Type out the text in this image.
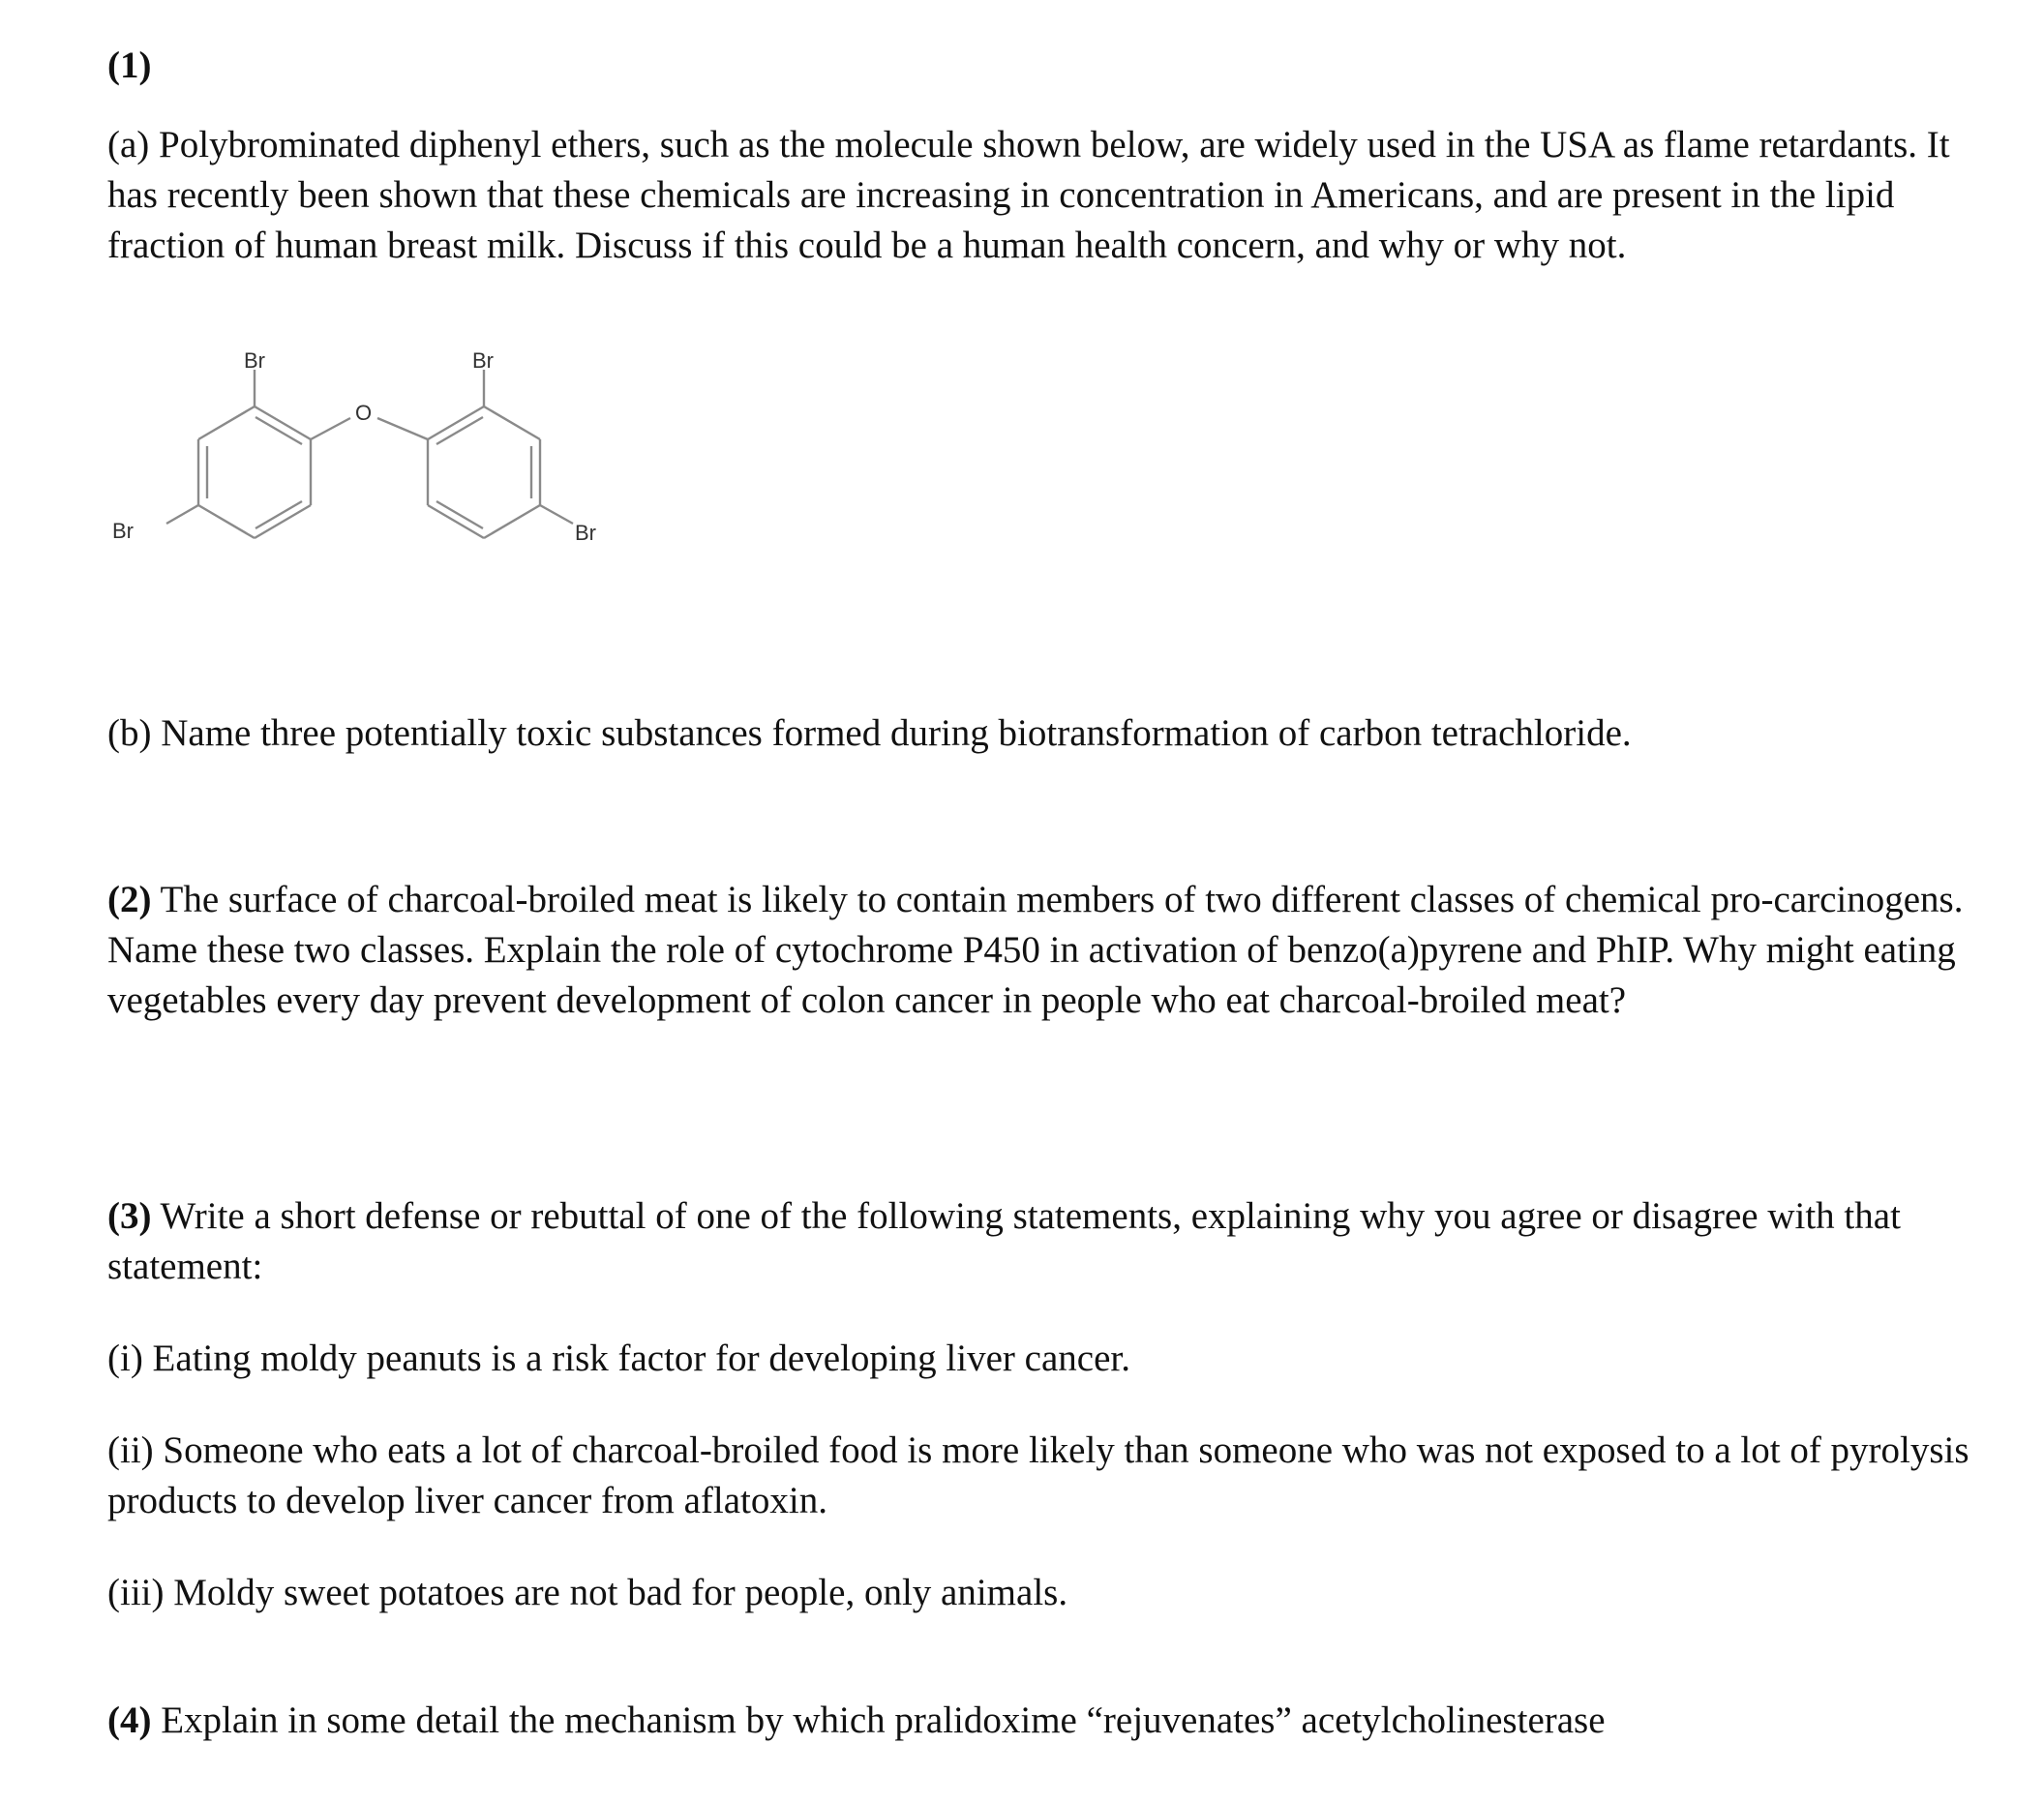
(1)
(a) Polybrominated diphenyl ethers, such as the molecule shown below, are widely used in the USA as flame retardants. It has recently been shown that these chemicals are increasing in concentration in Americans, and are present in the lipid fraction of human breast milk. Discuss if this could be a human health concern, and why or why not.
Br	Br
Br	Br
O
(b) Name three potentially toxic substances formed during biotransformation of carbon tetrachloride.
(2) The surface of charcoal-broiled meat is likely to contain members of two different classes of chemical pro-carcinogens. Name these two classes. Explain the role of cytochrome P450 in activation of benzo(a)pyrene and PhIP. Why might eating vegetables every day prevent development of colon cancer in people who eat charcoal-broiled meat?
(3) Write a short defense or rebuttal of one of the following statements, explaining why you agree or disagree with that statement:
(i) Eating moldy peanuts is a risk factor for developing liver cancer.
(ii) Someone who eats a lot of charcoal-broiled food is more likely than someone who was not exposed to a lot of pyrolysis products to develop liver cancer from aflatoxin.
(iii) Moldy sweet potatoes are not bad for people, only animals.
(4) Explain in some detail the mechanism by which pralidoxime “rejuvenates” acetylcholinesterase
